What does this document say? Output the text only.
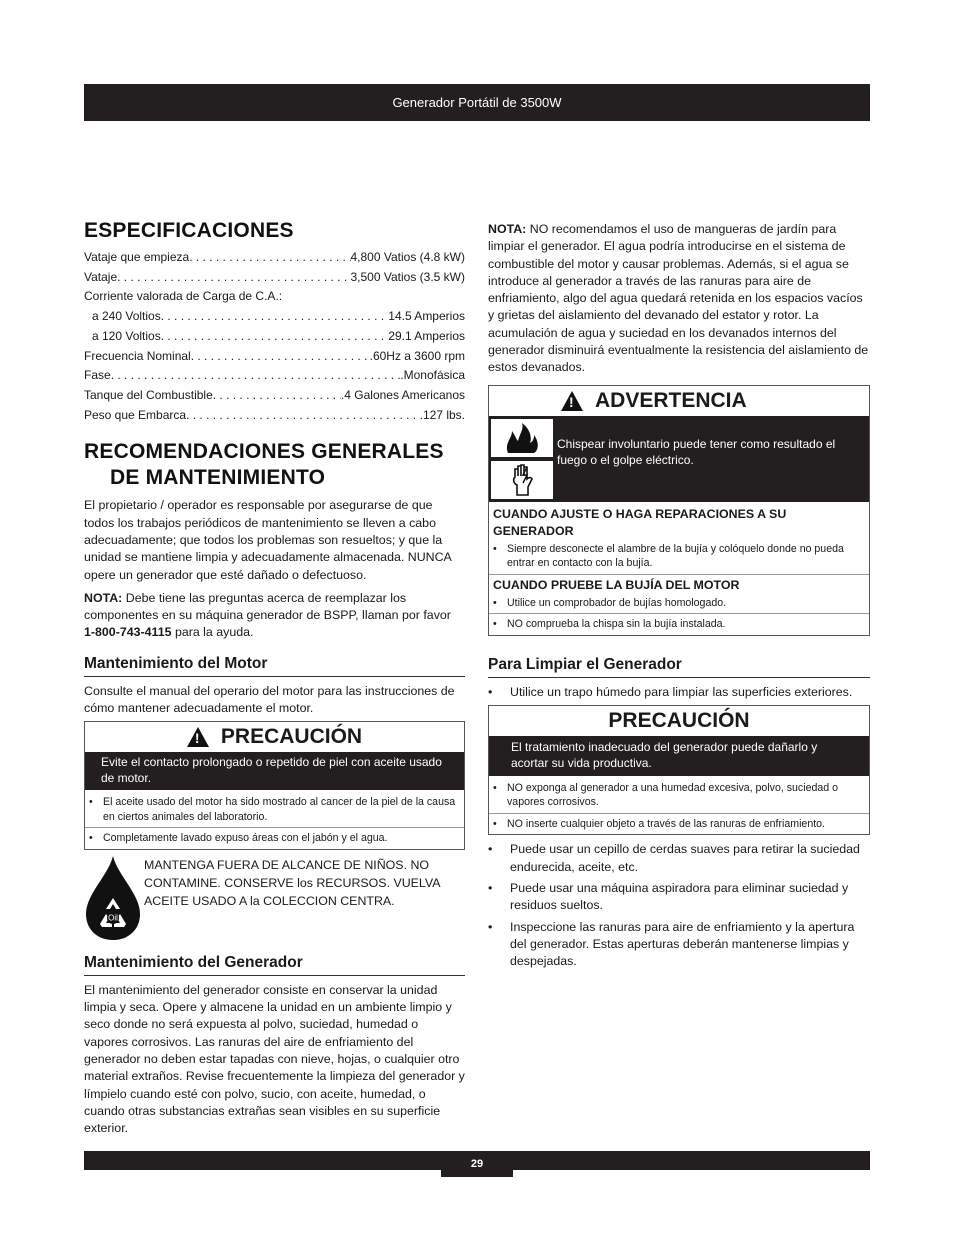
Generador Portátil de 3500W
ESPECIFICACIONES
Vataje que empieza . . .	4,800 Vatios (4.8 kW)
Vataje . . .	3,500 Vatios (3.5 kW)
Corriente valorada de Carga de C.A.:
a 240 Voltios . . .	14.5 Amperios
a 120 Voltios . . .	29.1 Amperios
Frecuencia Nominal . . .	.60Hz a 3600 rpm
Fase . . .	.Monofásica
Tanque del Combustible . . .	.4 Galones Americanos
Peso que Embarca . . .	.127 lbs.
RECOMENDACIONES GENERALES
DE MANTENIMIENTO

El propietario / operador es responsable por asegurarse de que todos los trabajos periódicos de mantenimiento se lleven a cabo adecuadamente; que todos los problemas son resueltos; y que la unidad se mantiene limpia y adecuadamente almacenada. NUNCA opere un generador que esté dañado o defectuoso.

NOTA: Debe tiene las preguntas acerca de reemplazar los componentes en su máquina generador de BSPP, llaman por favor 1-800-743-4115 para la ayuda.

Mantenimiento del Motor

Consulte el manual del operario del motor para las instrucciones de cómo mantener adecuadamente el motor.

!
PRECAUCIÓN
Evite el contacto prolongado o repetido de piel con aceite usado de motor.
• El aceite usado del motor ha sido mostrado al cancer de la piel de la causa en ciertos animales del laboratorio.
• Completamente lavado expuso áreas con el jabón y el agua.
Oil

MANTENGA FUERA DE ALCANCE DE NIÑOS. NO CONTAMINE. CONSERVE los RECURSOS. VUELVA ACEITE USADO A la COLECCION CENTRA.

Mantenimiento del Generador

El mantenimiento del generador consiste en conservar la unidad limpia y seca. Opere y almacene la unidad en un ambiente limpio y seco donde no será expuesta al polvo, suciedad, humedad o vapores corrosivos. Las ranuras del aire de enfriamiento del generador no deben estar tapadas con nieve, hojas, o cualquier otro material extraños. Revise frecuentemente la limpieza del generador y límpielo cuando esté con polvo, sucio, con aceite, humedad, o cuando otras substancias extrañas sean visibles en su superficie exterior.

NOTA: NO recomendamos el uso de mangueras de jardín para limpiar el generador. El agua podría introducirse en el sistema de combustible del motor y causar problemas. Además, si el agua se introduce al generador a través de las ranuras para aire de enfriamiento, algo del agua quedará retenida en los espacios vacíos y grietas del aislamiento del devanado del estator y rotor. La acumulación de agua y suciedad en los devanados internos del generador disminuirá eventualmente la resistencia del aislamiento de estos devanados.

!
ADVERTENCIA
Chispear involuntario puede tener como resultado el fuego o el golpe eléctrico.
CUANDO AJUSTE O HAGA REPARACIONES A SU GENERADOR
• Siempre desconecte el alambre de la bujía y colóquelo donde no pueda entrar en contacto con la bujía.
CUANDO PRUEBE LA BUJÍA DEL MOTOR
• Utilice un comprobador de bujías homologado.
• NO comprueba la chispa sin la bujía instalada.
Para Limpiar el Generador
•	Utilice un trapo húmedo para limpiar las superficies exteriores.
PRECAUCIÓN
El tratamiento inadecuado del generador puede dañarlo y acortar su vida productiva.
• NO exponga al generador a una humedad excesiva, polvo, suciedad o vapores corrosivos.
• NO inserte cualquier objeto a través de las ranuras de enfriamiento.
•	Puede usar un cepillo de cerdas suaves para retirar la suciedad endurecida, aceite, etc.
•	Puede usar una máquina aspiradora para eliminar suciedad y residuos sueltos.
•	Inspeccione las ranuras para aire de enfriamiento y la apertura del generador. Estas aperturas deberán mantenerse limpias y despejadas.
29
